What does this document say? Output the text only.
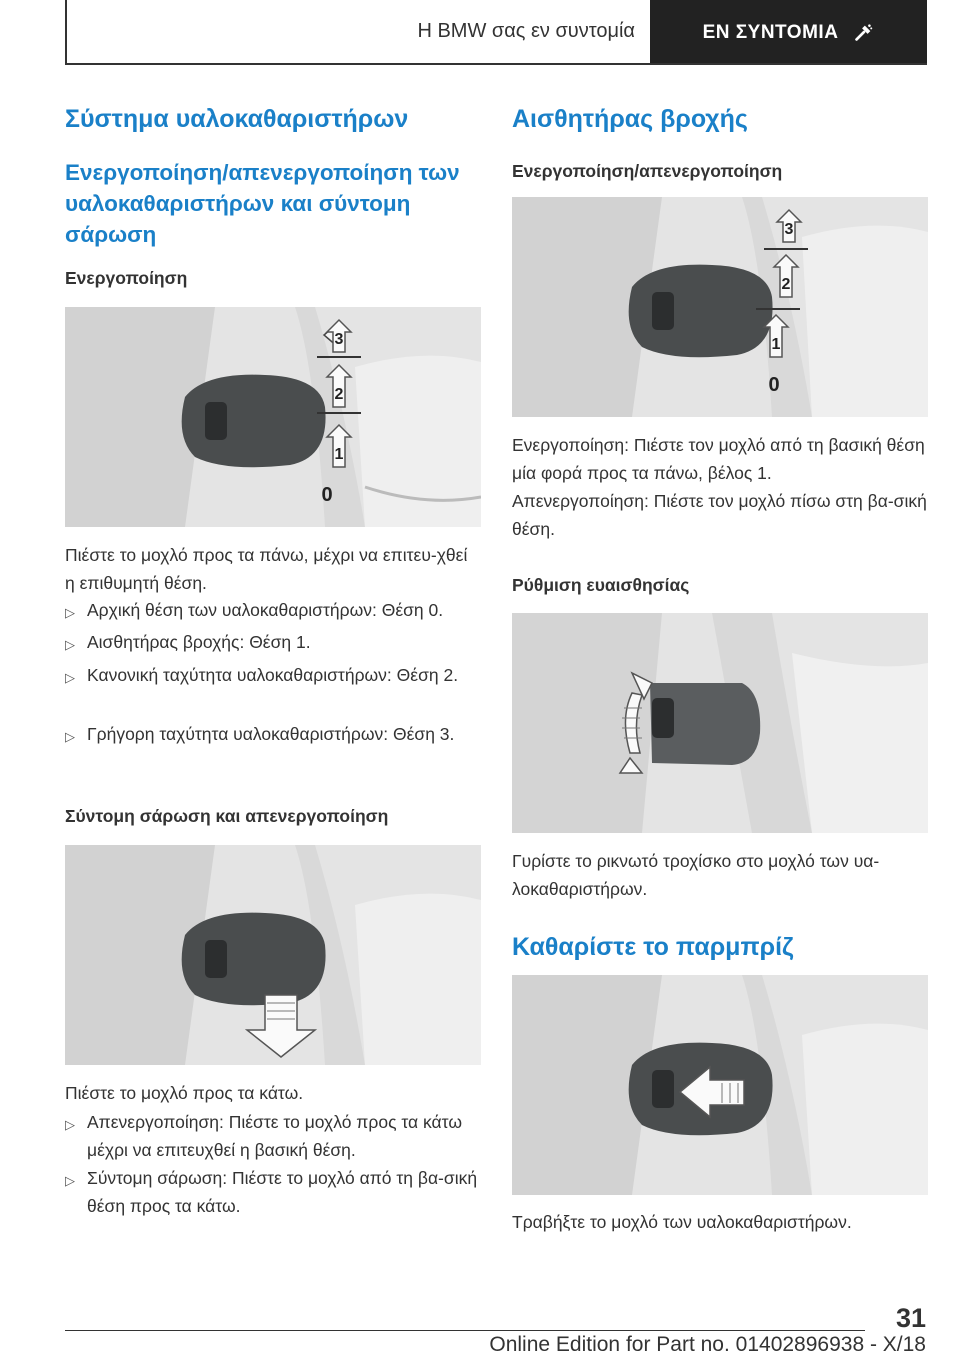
Η BMW σας εν συντομία	ΕΝ ΣΥΝΤΟΜΙΑ
Σύστημα υαλοκαθαριστήρων
Ενεργοποίηση/απενεργοποίηση των υαλοκαθαριστήρων και σύντομη σάρωση
Ενεργοποίηση
1
2
3
0

Πιέστε το μοχλό προς τα πάνω, μέχρι να επιτευ-χθεί η επιθυμητή θέση.

▷ Αρχική θέση των υαλοκαθαριστήρων: Θέση 0.
▷ Αισθητήρας βροχής: Θέση 1.
▷ Κανονική ταχύτητα υαλοκαθαριστήρων: Θέση 2.
▷ Γρήγορη ταχύτητα υαλοκαθαριστήρων: Θέση 3.
Σύντομη σάρωση και απενεργοποίηση

Πιέστε το μοχλό προς τα κάτω.

▷ Απενεργοποίηση: Πιέστε το μοχλό προς τα κάτω μέχρι να επιτευχθεί η βασική θέση.
▷ Σύντομη σάρωση: Πιέστε το μοχλό από τη βα-σική θέση προς τα κάτω.
Αισθητήρας βροχής
Ενεργοποίηση/απενεργοποίηση
1
2
3
0

Ενεργοποίηση: Πιέστε τον μοχλό από τη βασική θέση μία φορά προς τα πάνω, βέλος 1.

Απενεργοποίηση: Πιέστε τον μοχλό πίσω στη βα-σική θέση.

Ρύθμιση ευαισθησίας

Γυρίστε το ρικνωτό τροχίσκο στο μοχλό των υα-λοκαθαριστήρων.

Καθαρίστε το παρμπρίζ

Τραβήξτε το μοχλό των υαλοκαθαριστήρων.

31
Online Edition for Part no. 01402896938 - X/18
